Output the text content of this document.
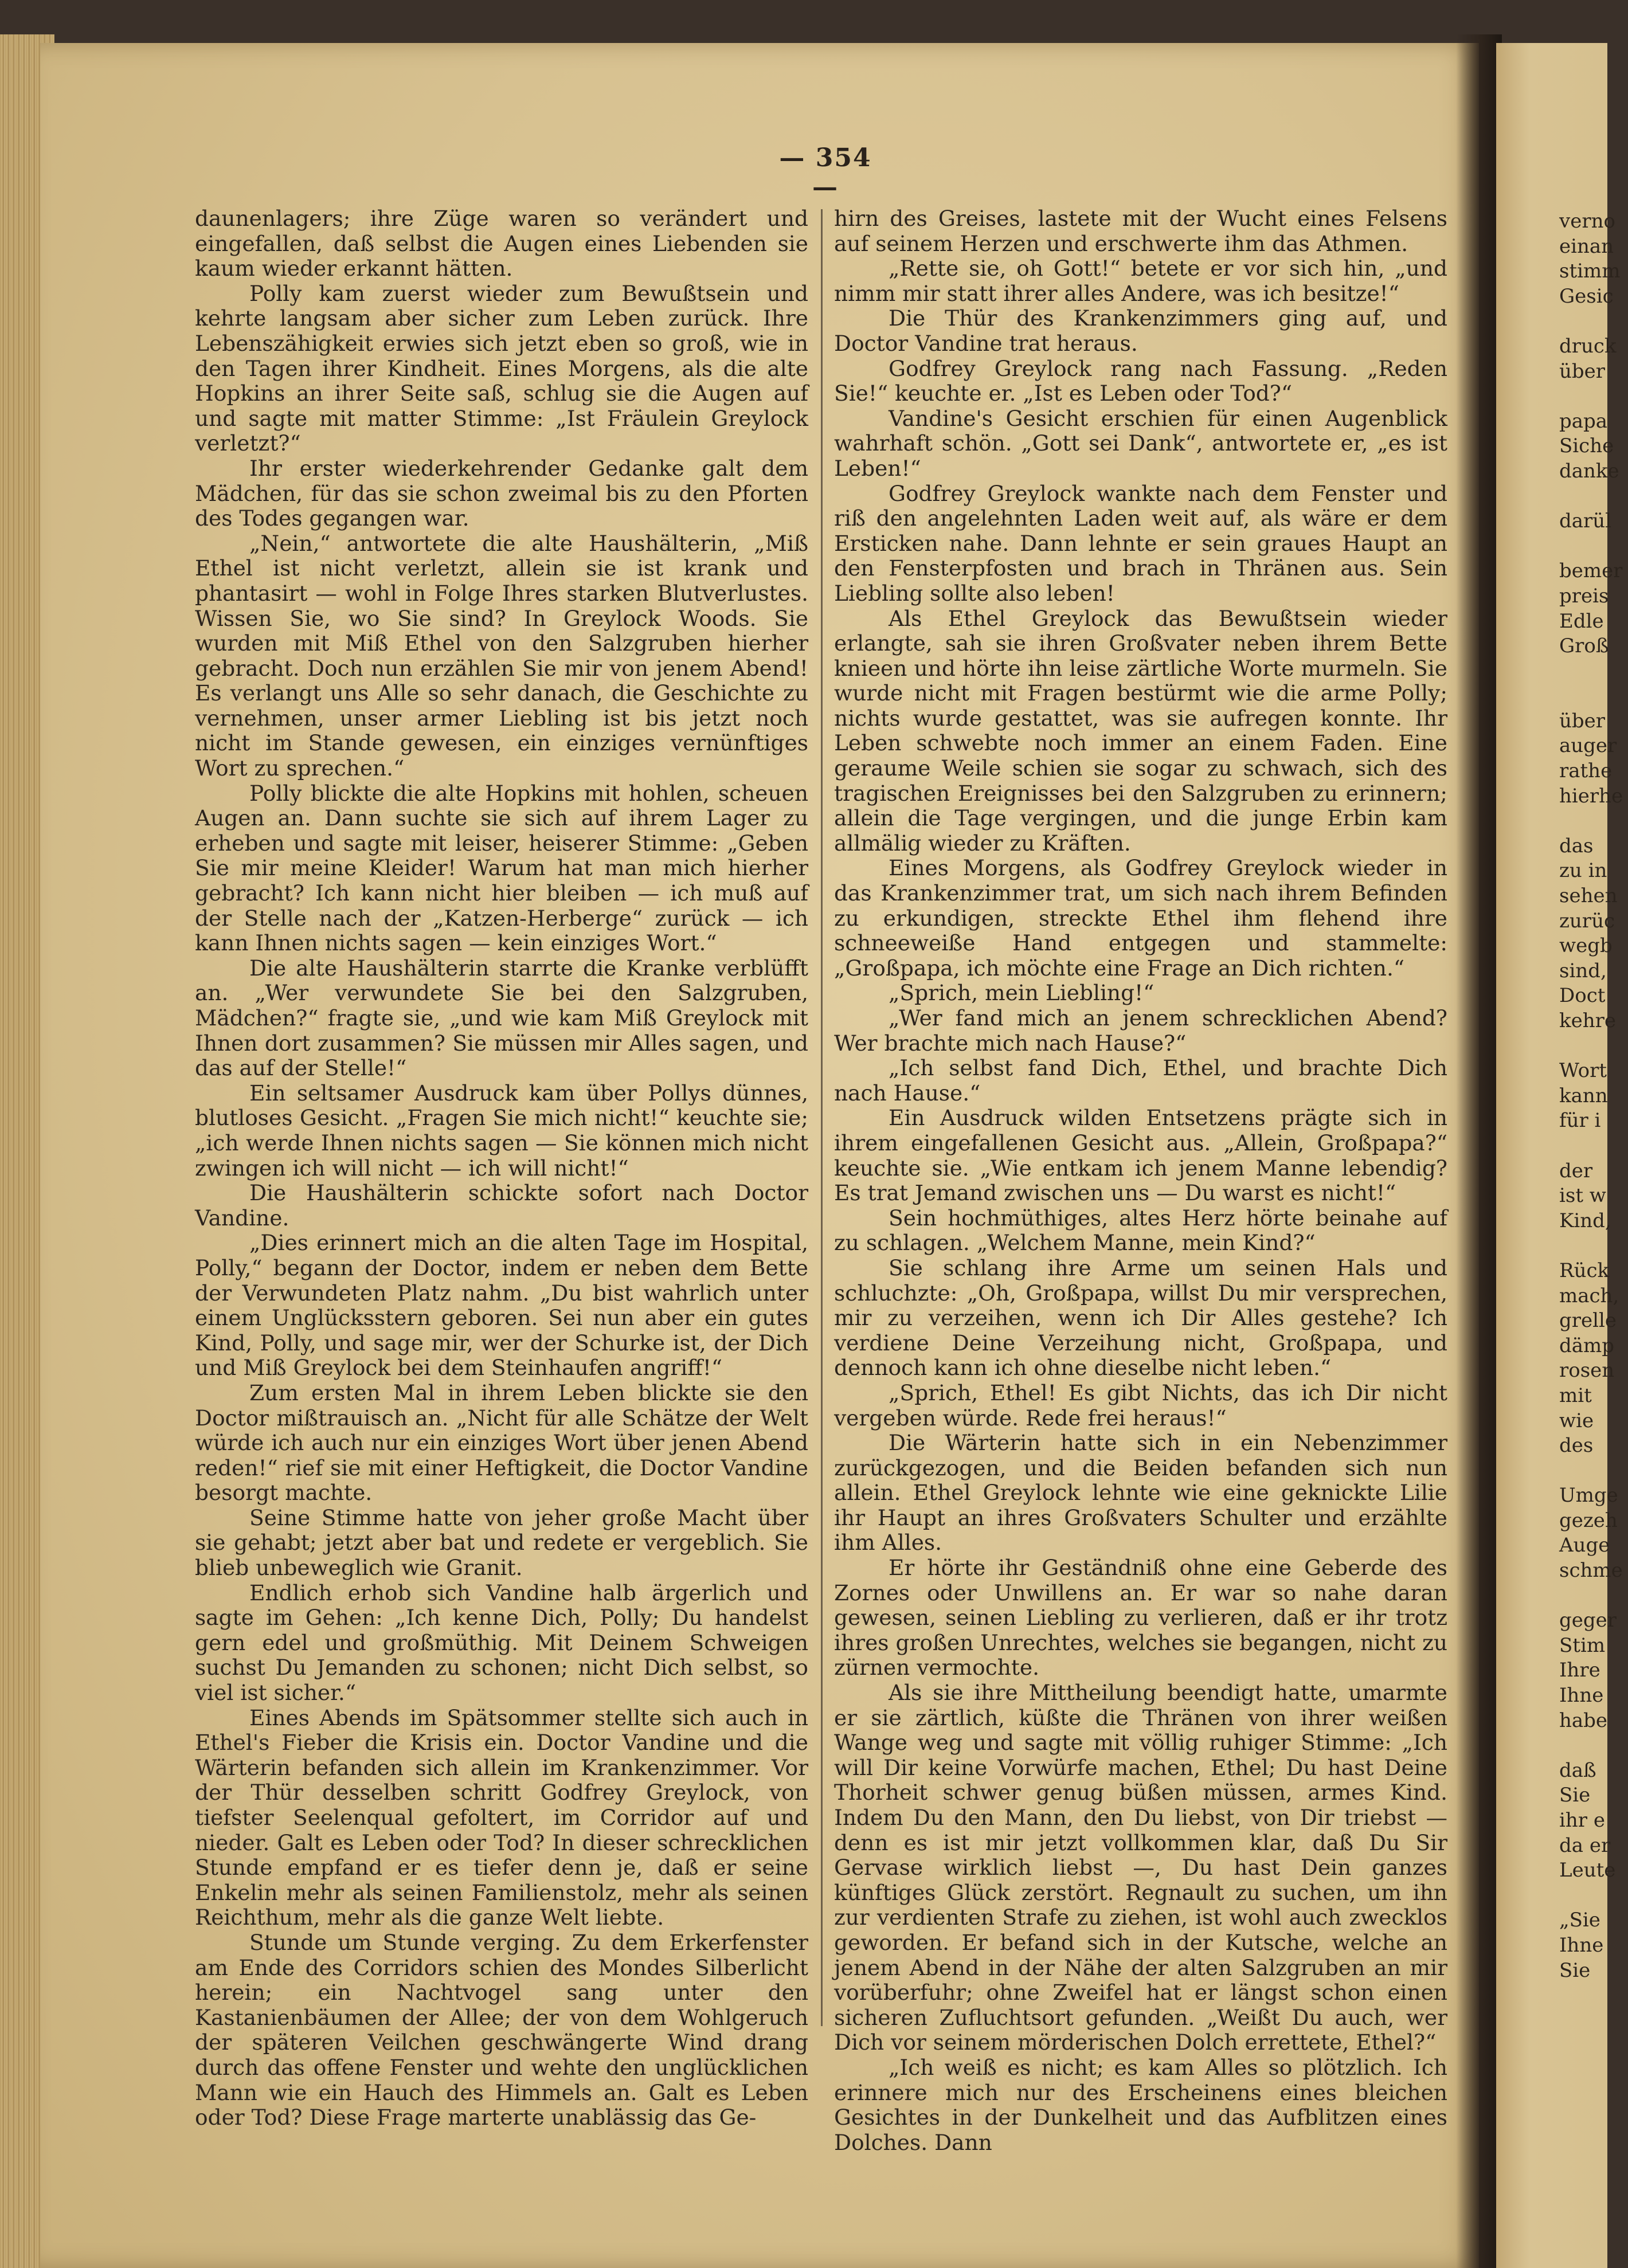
— 354 —

daunenlagers; ihre Züge waren so verändert und eingefallen, daß selbst die Augen eines Liebenden sie kaum wieder erkannt hätten.

Polly kam zuerst wieder zum Bewußtsein und kehrte langsam aber sicher zum Leben zurück. Ihre Lebenszähigkeit erwies sich jetzt eben so groß, wie in den Tagen ihrer Kindheit. Eines Morgens, als die alte Hopkins an ihrer Seite saß, schlug sie die Augen auf und sagte mit matter Stimme: „Ist Fräulein Greylock verletzt?“

Ihr erster wiederkehrender Gedanke galt dem Mädchen, für das sie schon zweimal bis zu den Pforten des Todes gegangen war.

„Nein,“ antwortete die alte Haushälterin, „Miß Ethel ist nicht verletzt, allein sie ist krank und phantasirt — wohl in Folge Ihres starken Blutverlustes. Wissen Sie, wo Sie sind? In Greylock Woods. Sie wurden mit Miß Ethel von den Salzgruben hierher gebracht. Doch nun erzählen Sie mir von jenem Abend! Es verlangt uns Alle so sehr danach, die Geschichte zu vernehmen, unser armer Liebling ist bis jetzt noch nicht im Stande gewesen, ein einziges vernünftiges Wort zu sprechen.“

Polly blickte die alte Hopkins mit hohlen, scheuen Augen an. Dann suchte sie sich auf ihrem Lager zu erheben und sagte mit leiser, heiserer Stimme: „Geben Sie mir meine Kleider! Warum hat man mich hierher gebracht? Ich kann nicht hier bleiben — ich muß auf der Stelle nach der „Katzen-Herberge“ zurück — ich kann Ihnen nichts sagen — kein einziges Wort.“

Die alte Haushälterin starrte die Kranke verblüfft an. „Wer verwundete Sie bei den Salzgruben, Mädchen?“ fragte sie, „und wie kam Miß Greylock mit Ihnen dort zusammen? Sie müssen mir Alles sagen, und das auf der Stelle!“

Ein seltsamer Ausdruck kam über Pollys dünnes, blutloses Gesicht. „Fragen Sie mich nicht!“ keuchte sie; „ich werde Ihnen nichts sagen — Sie können mich nicht zwingen ich will nicht — ich will nicht!“

Die Haushälterin schickte sofort nach Doctor Vandine.

„Dies erinnert mich an die alten Tage im Hospital, Polly,“ begann der Doctor, indem er neben dem Bette der Verwundeten Platz nahm. „Du bist wahrlich unter einem Unglücksstern geboren. Sei nun aber ein gutes Kind, Polly, und sage mir, wer der Schurke ist, der Dich und Miß Greylock bei dem Steinhaufen angriff!“

Zum ersten Mal in ihrem Leben blickte sie den Doctor mißtrauisch an. „Nicht für alle Schätze der Welt würde ich auch nur ein einziges Wort über jenen Abend reden!“ rief sie mit einer Heftigkeit, die Doctor Vandine besorgt machte.

Seine Stimme hatte von jeher große Macht über sie gehabt; jetzt aber bat und redete er vergeblich. Sie blieb unbeweglich wie Granit.

Endlich erhob sich Vandine halb ärgerlich und sagte im Gehen: „Ich kenne Dich, Polly; Du handelst gern edel und großmüthig. Mit Deinem Schweigen suchst Du Jemanden zu schonen; nicht Dich selbst, so viel ist sicher.“

Eines Abends im Spätsommer stellte sich auch in Ethel's Fieber die Krisis ein. Doctor Vandine und die Wärterin befanden sich allein im Krankenzimmer. Vor der Thür desselben schritt Godfrey Greylock, von tiefster Seelenqual gefoltert, im Corridor auf und nieder. Galt es Leben oder Tod? In dieser schrecklichen Stunde empfand er es tiefer denn je, daß er seine Enkelin mehr als seinen Familienstolz, mehr als seinen Reichthum, mehr als die ganze Welt liebte.

Stunde um Stunde verging. Zu dem Erkerfenster am Ende des Corridors schien des Mondes Silberlicht herein; ein Nachtvogel sang unter den Kastanienbäumen der Allee; der von dem Wohlgeruch der späteren Veilchen geschwängerte Wind drang durch das offene Fenster und wehte den unglücklichen Mann wie ein Hauch des Himmels an. Galt es Leben oder Tod? Diese Frage marterte unablässig das Ge-

hirn des Greises, lastete mit der Wucht eines Felsens auf seinem Herzen und erschwerte ihm das Athmen.

„Rette sie, oh Gott!“ betete er vor sich hin, „und nimm mir statt ihrer alles Andere, was ich besitze!“

Die Thür des Krankenzimmers ging auf, und Doctor Vandine trat heraus.

Godfrey Greylock rang nach Fassung. „Reden Sie!“ keuchte er. „Ist es Leben oder Tod?“

Vandine's Gesicht erschien für einen Augenblick wahrhaft schön. „Gott sei Dank“, antwortete er, „es ist Leben!“

Godfrey Greylock wankte nach dem Fenster und riß den angelehnten Laden weit auf, als wäre er dem Ersticken nahe. Dann lehnte er sein graues Haupt an den Fensterpfosten und brach in Thränen aus. Sein Liebling sollte also leben!

Als Ethel Greylock das Bewußtsein wieder erlangte, sah sie ihren Großvater neben ihrem Bette knieen und hörte ihn leise zärtliche Worte murmeln. Sie wurde nicht mit Fragen bestürmt wie die arme Polly; nichts wurde gestattet, was sie aufregen konnte. Ihr Leben schwebte noch immer an einem Faden. Eine geraume Weile schien sie sogar zu schwach, sich des tragischen Ereignisses bei den Salzgruben zu erinnern; allein die Tage vergingen, und die junge Erbin kam allmälig wieder zu Kräften.

Eines Morgens, als Godfrey Greylock wieder in das Krankenzimmer trat, um sich nach ihrem Befinden zu erkundigen, streckte Ethel ihm flehend ihre schneeweiße Hand entgegen und stammelte: „Großpapa, ich möchte eine Frage an Dich richten.“

„Sprich, mein Liebling!“

„Wer fand mich an jenem schrecklichen Abend? Wer brachte mich nach Hause?“

„Ich selbst fand Dich, Ethel, und brachte Dich nach Hause.“

Ein Ausdruck wilden Entsetzens prägte sich in ihrem eingefallenen Gesicht aus. „Allein, Großpapa?“ keuchte sie. „Wie entkam ich jenem Manne lebendig? Es trat Jemand zwischen uns — Du warst es nicht!“

Sein hochmüthiges, altes Herz hörte beinahe auf zu schlagen. „Welchem Manne, mein Kind?“

Sie schlang ihre Arme um seinen Hals und schluchzte: „Oh, Großpapa, willst Du mir versprechen, mir zu verzeihen, wenn ich Dir Alles gestehe? Ich verdiene Deine Verzeihung nicht, Großpapa, und dennoch kann ich ohne dieselbe nicht leben.“

„Sprich, Ethel! Es gibt Nichts, das ich Dir nicht vergeben würde. Rede frei heraus!“

Die Wärterin hatte sich in ein Nebenzimmer zurückgezogen, und die Beiden befanden sich nun allein. Ethel Greylock lehnte wie eine geknickte Lilie ihr Haupt an ihres Großvaters Schulter und erzählte ihm Alles.

Er hörte ihr Geständniß ohne eine Geberde des Zornes oder Unwillens an. Er war so nahe daran gewesen, seinen Liebling zu verlieren, daß er ihr trotz ihres großen Unrechtes, welches sie begangen, nicht zu zürnen vermochte.

Als sie ihre Mittheilung beendigt hatte, umarmte er sie zärtlich, küßte die Thränen von ihrer weißen Wange weg und sagte mit völlig ruhiger Stimme: „Ich will Dir keine Vorwürfe machen, Ethel; Du hast Deine Thorheit schwer genug büßen müssen, armes Kind. Indem Du den Mann, den Du liebst, von Dir triebst — denn es ist mir jetzt vollkommen klar, daß Du Sir Gervase wirklich liebst —, Du hast Dein ganzes künftiges Glück zerstört. Regnault zu suchen, um ihn zur verdienten Strafe zu ziehen, ist wohl auch zwecklos geworden. Er befand sich in der Kutsche, welche an jenem Abend in der Nähe der alten Salzgruben an mir vorüberfuhr; ohne Zweifel hat er längst schon einen sicheren Zufluchtsort gefunden. „Weißt Du auch, wer Dich vor seinem mörderischen Dolch errettete, Ethel?“

„Ich weiß es nicht; es kam Alles so plötzlich. Ich erinnere mich nur des Erscheinens eines bleichen Gesichtes in der Dunkelheit und das Aufblitzen eines Dolches. Dann

verno
einan
stimm
Gesic
druck
über
papa
Siche
danke
darül
bemer
preis
Edle
Groß
über
auger
rathe
hierhe
das
zu in
sehen
zurüc
wegb
sind,
Doct
kehre
Wort
kann
für i
der
ist w
Kind,
Rück
mach,
grelle
dämp
rosen
mit
wie
des
Umge
gezeh
Auge
schme
geger
Stim
Ihre
Ihne
habe
daß
Sie
ihr e
da er
Leute
„Sie
Ihne
Sie
